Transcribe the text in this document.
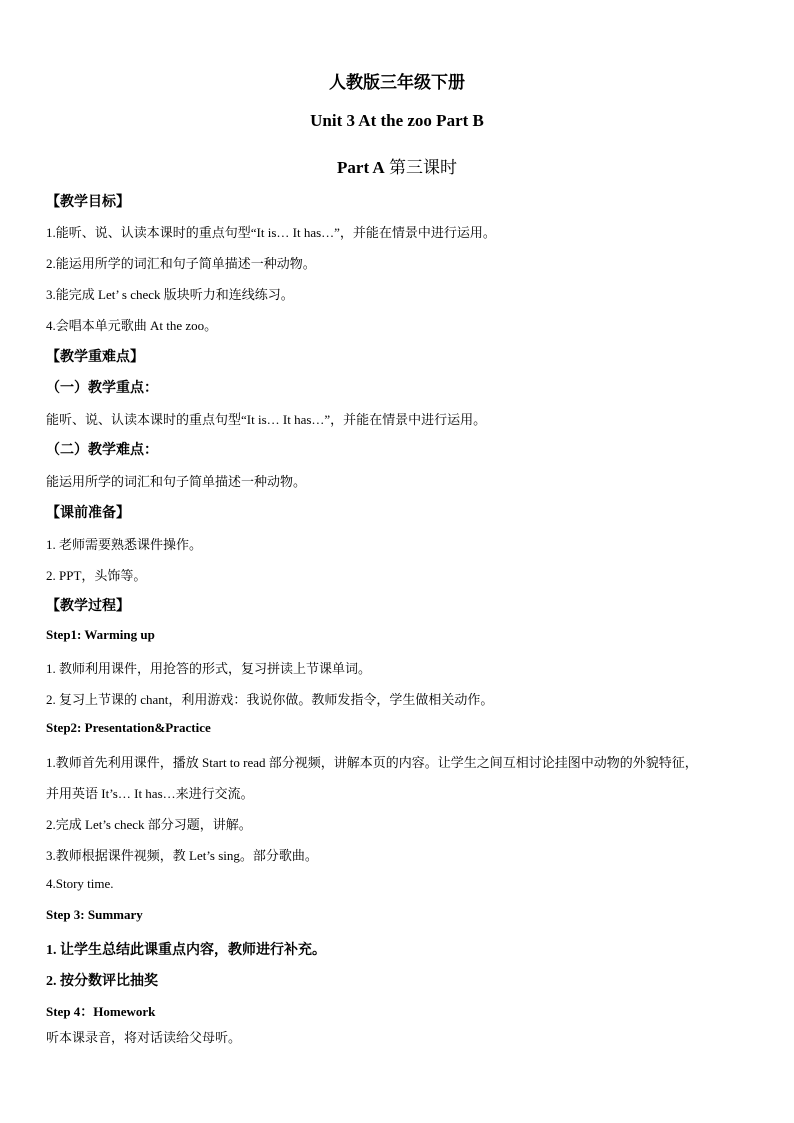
人教版三年级下册
Unit 3 At the zoo Part B
Part A 第三课时
【教学目标】
1.能听、说、认读本课时的重点句型“It is… It has…”，并能在情景中进行运用。
2.能运用所学的词汇和句子简单描述一种动物。
3.能完成 Let’ s check 版块听力和连线练习。
4.会唱本单元歌曲 At the zoo。
【教学重难点】
（一）教学重点：
能听、说、认读本课时的重点句型“It is… It has…”，并能在情景中进行运用。
（二）教学难点：
能运用所学的词汇和句子简单描述一种动物。
【课前准备】
1. 老师需要熟悉课件操作。
2. PPT，头饰等。
【教学过程】
Step1: Warming up
1. 教师利用课件，用抢答的形式，复习拼读上节课单词。
2. 复习上节课的 chant，利用游戏：我说你做。教师发指令，学生做相关动作。
Step2: Presentation&Practice
1.教师首先利用课件，播放 Start to read 部分视频，讲解本页的内容。让学生之间互相讨论挂图中动物的外貌特征，
并用英语 It’s… It has…来进行交流。
2.完成 Let’s check 部分习题，讲解。
3.教师根据课件视频，教 Let’s sing。部分歌曲。
4.Story time.
Step 3: Summary
1. 让学生总结此课重点内容，教师进行补充。
2. 按分数评比抽奖
Step 4：Homework
听本课录音，将对话读给父母听。
